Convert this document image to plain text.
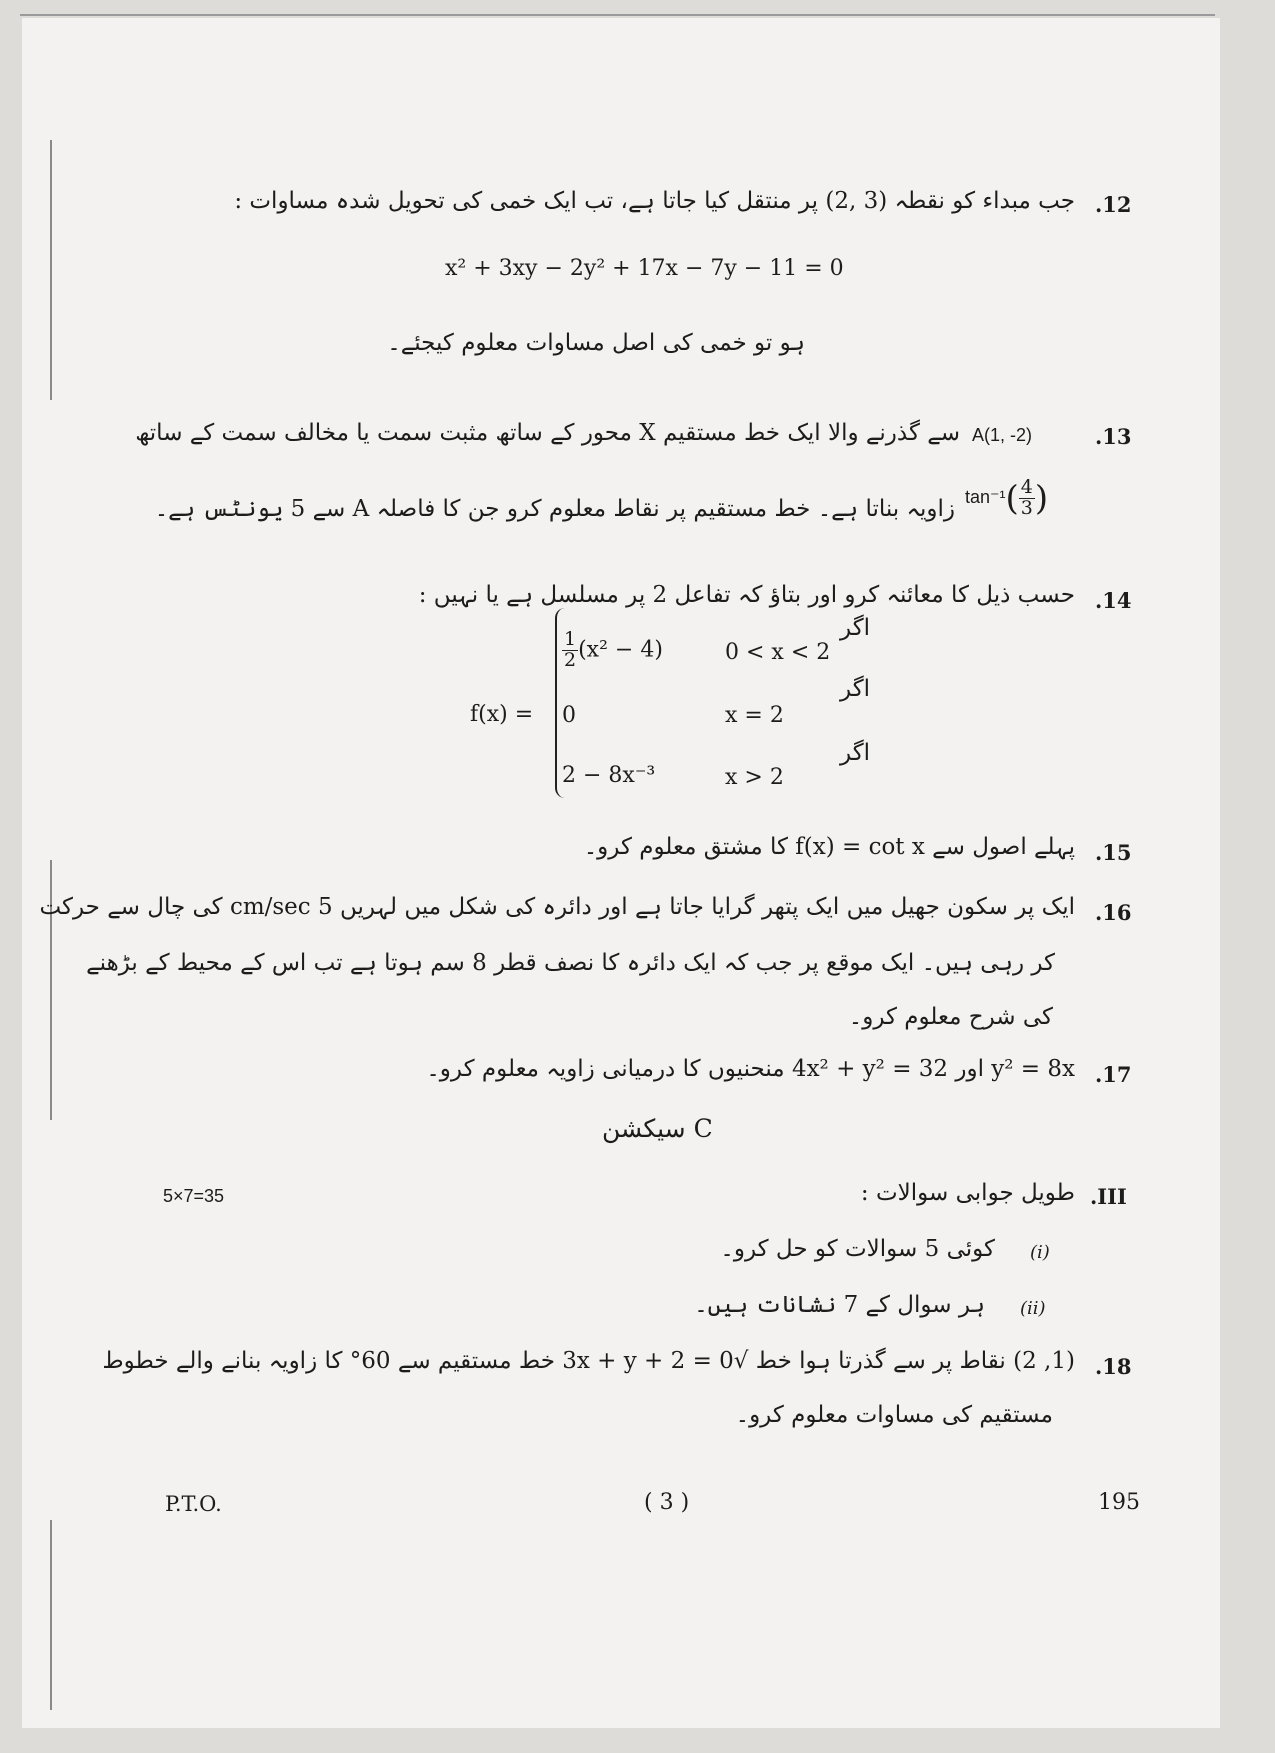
.12
جب مبداء کو نقطہ (3 ,2) پر منتقل کیا جاتا ہے، تب ایک خمی کی تحویل شدہ مساوات :
x² + 3xy − 2y² + 17x − 7y − 11 = 0
ہو تو خمی کی اصل مساوات معلوم کیجئے۔
.13
A(1, -2)
سے گذرنے والا ایک خط مستقیم X محور کے ساتھ مثبت سمت یا مخالف سمت کے ساتھ
$\tan^{-1}( \frac{4}{3}$ )
زاویہ بناتا ہے۔ خط مستقیم پر نقاط معلوم کرو جن کا فاصلہ A سے 5 یونٹس ہے۔
.14
حسب ذیل کا معائنہ کرو اور بتاؤ کہ تفاعل 2 پر مسلسل ہے یا نہیں :
f(x) =
$\frac{1}{2} (x^2 - 4)$	0 < x < 2
اگر
0	x = 2
اگر
2 − 8x⁻³	x > 2
اگر
.15
پہلے اصول سے f(x) = cot x کا مشتق معلوم کرو۔
.16
ایک پر سکون جھیل میں ایک پتھر گرایا جاتا ہے اور دائرہ کی شکل میں لہریں 5 cm/sec کی چال سے حرکت
کر رہی ہیں۔ ایک موقع پر جب کہ ایک دائرہ کا نصف قطر 8 سم ہوتا ہے تب اس کے محیط کے بڑھنے
کی شرح معلوم کرو۔
.17
y² = 8x اور 4x² + y² = 32 منحنیوں کا درمیانی زاویہ معلوم کرو۔
سیکشن C
.III
5×7=35	طویل جوابی سوالات :
(i)
کوئی 5 سوالات کو حل کرو۔
(ii)
ہر سوال کے 7 نشانات ہیں۔
.18
(1, 2) نقاط پر سے گذرتا ہوا خط √3x + y + 2 = 0 خط مستقیم سے 60° کا زاویہ بنانے والے خطوط
مستقیم کی مساوات معلوم کرو۔
P.T.O.	( 3 )	195
